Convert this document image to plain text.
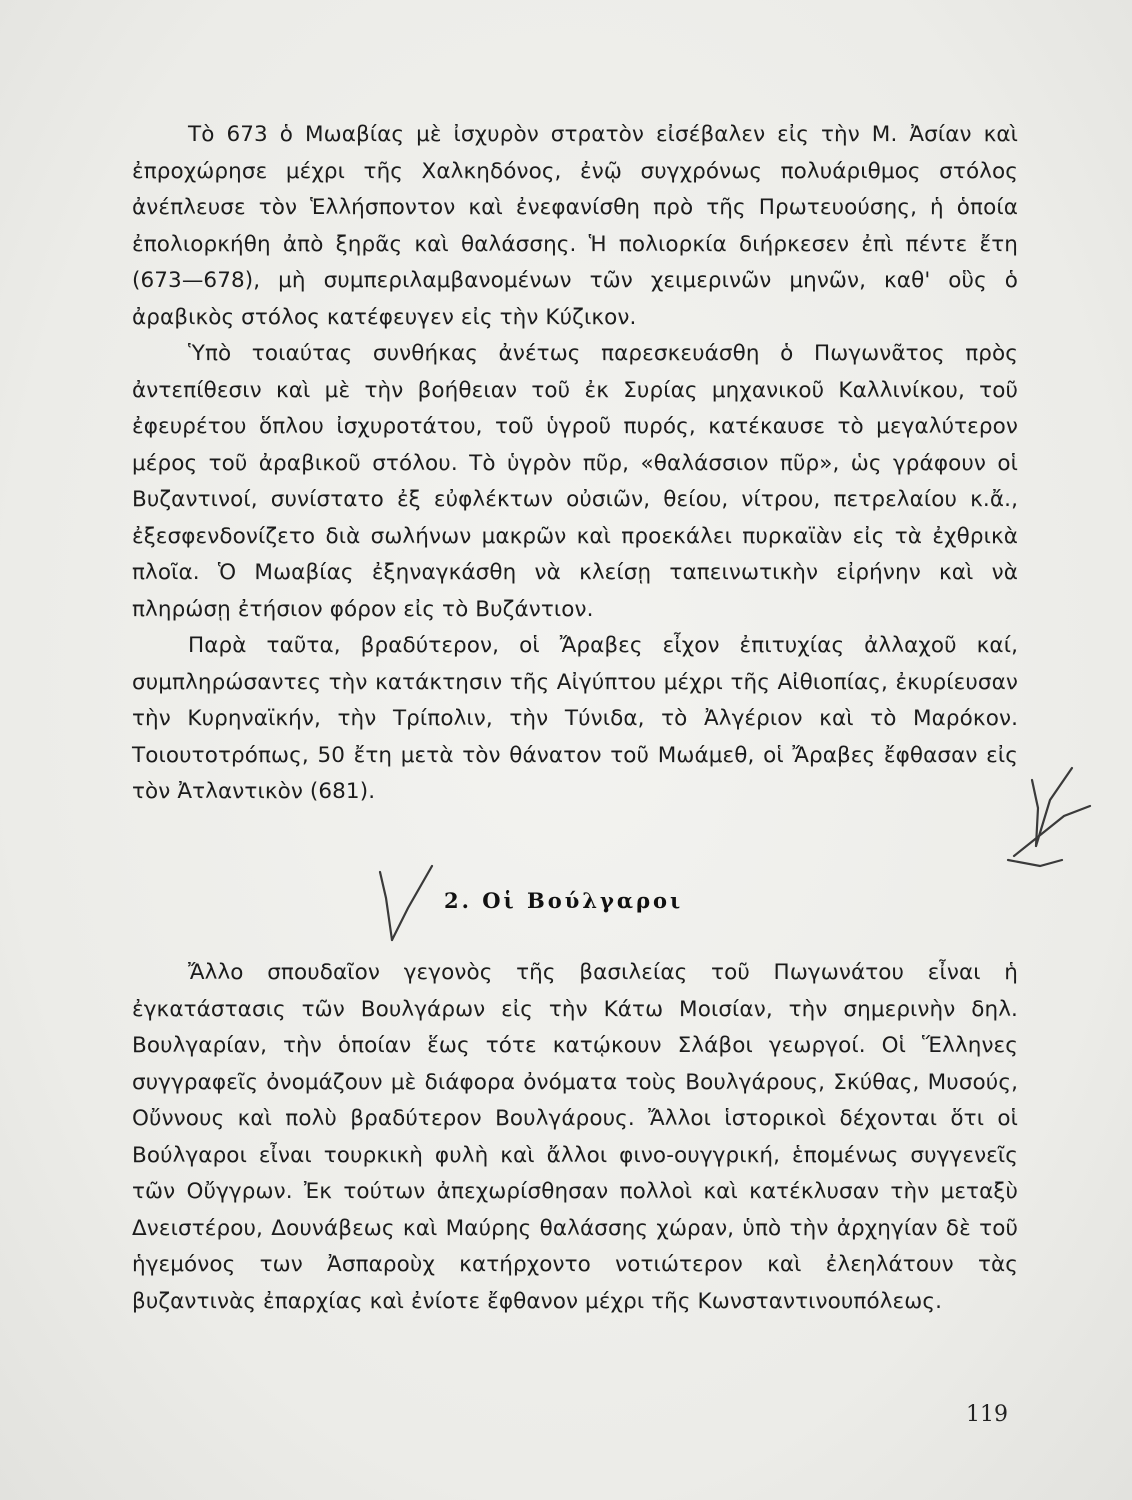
Τὸ 673 ὁ Μωαβίας μὲ ἰσχυρὸν στρατὸν εἰσέβαλεν εἰς τὴν Μ. Ἀσίαν καὶ ἐπροχώρησε μέχρι τῆς Χαλκηδόνος, ἐνῷ συγχρόνως πολυάριθμος στόλος ἀνέπλευσε τὸν Ἑλλήσποντον καὶ ἐνεφανίσθη πρὸ τῆς Πρωτευούσης, ἡ ὁποία ἐπολιορκήθη ἀπὸ ξηρᾶς καὶ θαλάσσης. Ἡ πολιορκία διήρκεσεν ἐπὶ πέντε ἔτη (673—678), μὴ συμπεριλαμβανομένων τῶν χειμερινῶν μηνῶν, καθ' οὓς ὁ ἀραβικὸς στόλος κατέφευγεν εἰς τὴν Κύζικον.

Ὑπὸ τοιαύτας συνθήκας ἀνέτως παρεσκευάσθη ὁ Πωγωνᾶτος πρὸς ἀντεπίθεσιν καὶ μὲ τὴν βοήθειαν τοῦ ἐκ Συρίας μηχανικοῦ Καλλινίκου, τοῦ ἐφευρέτου ὅπλου ἰσχυροτάτου, τοῦ ὑγροῦ πυρός, κατέκαυσε τὸ μεγαλύτερον μέρος τοῦ ἀραβικοῦ στόλου. Τὸ ὑγρὸν πῦρ, «θαλάσσιον πῦρ», ὡς γράφουν οἱ Βυζαντινοί, συνίστατο ἐξ εὐφλέκτων οὐσιῶν, θείου, νίτρου, πετρελαίου κ.ἄ., ἐξεσφενδονίζετο διὰ σωλήνων μακρῶν καὶ προεκάλει πυρκαϊὰν εἰς τὰ ἐχθρικὰ πλοῖα. Ὁ Μωαβίας ἐξηναγκάσθη νὰ κλείσῃ ταπεινωτικὴν εἰρήνην καὶ νὰ πληρώσῃ ἐτήσιον φόρον εἰς τὸ Βυζάντιον.

Παρὰ ταῦτα, βραδύτερον, οἱ Ἄραβες εἶχον ἐπιτυχίας ἀλλαχοῦ καί, συμπληρώσαντες τὴν κατάκτησιν τῆς Αἰγύπτου μέχρι τῆς Αἰθιοπίας, ἐκυρίευσαν τὴν Κυρηναϊκήν, τὴν Τρίπολιν, τὴν Τύνιδα, τὸ Ἀλγέριον καὶ τὸ Μαρόκον. Τοιουτοτρόπως, 50 ἔτη μετὰ τὸν θάνατον τοῦ Μωάμεθ, οἱ Ἄραβες ἔφθασαν εἰς τὸν Ἀτλαντικὸν (681).

2. Οἱ Βούλγαροι

Ἄλλο σπουδαῖον γεγονὸς τῆς βασιλείας τοῦ Πωγωνάτου εἶναι ἡ ἐγκατάστασις τῶν Βουλγάρων εἰς τὴν Κάτω Μοισίαν, τὴν σημερινὴν δηλ. Βουλγαρίαν, τὴν ὁποίαν ἕως τότε κατῴκουν Σλάβοι γεωργοί. Οἱ Ἕλληνες συγγραφεῖς ὀνομάζουν μὲ διάφορα ὀνόματα τοὺς Βουλγάρους, Σκύθας, Μυσούς, Οὔννους καὶ πολὺ βραδύτερον Βουλγάρους. Ἄλλοι ἱστορικοὶ δέχονται ὅτι οἱ Βούλγαροι εἶναι τουρκικὴ φυλὴ καὶ ἄλλοι φινο-ουγγρική, ἑπομένως συγγενεῖς τῶν Οὔγγρων. Ἐκ τούτων ἀπεχωρίσθησαν πολλοὶ καὶ κατέκλυσαν τὴν μεταξὺ Δνειστέρου, Δουνάβεως καὶ Μαύρης θαλάσσης χώραν, ὑπὸ τὴν ἀρχηγίαν δὲ τοῦ ἡγεμόνος των Ἀσπαροὺχ κατήρχοντο νοτιώτερον καὶ ἐλεηλάτουν τὰς βυζαντινὰς ἐπαρχίας καὶ ἐνίοτε ἔφθανον μέχρι τῆς Κωνσταντινουπόλεως.

119
